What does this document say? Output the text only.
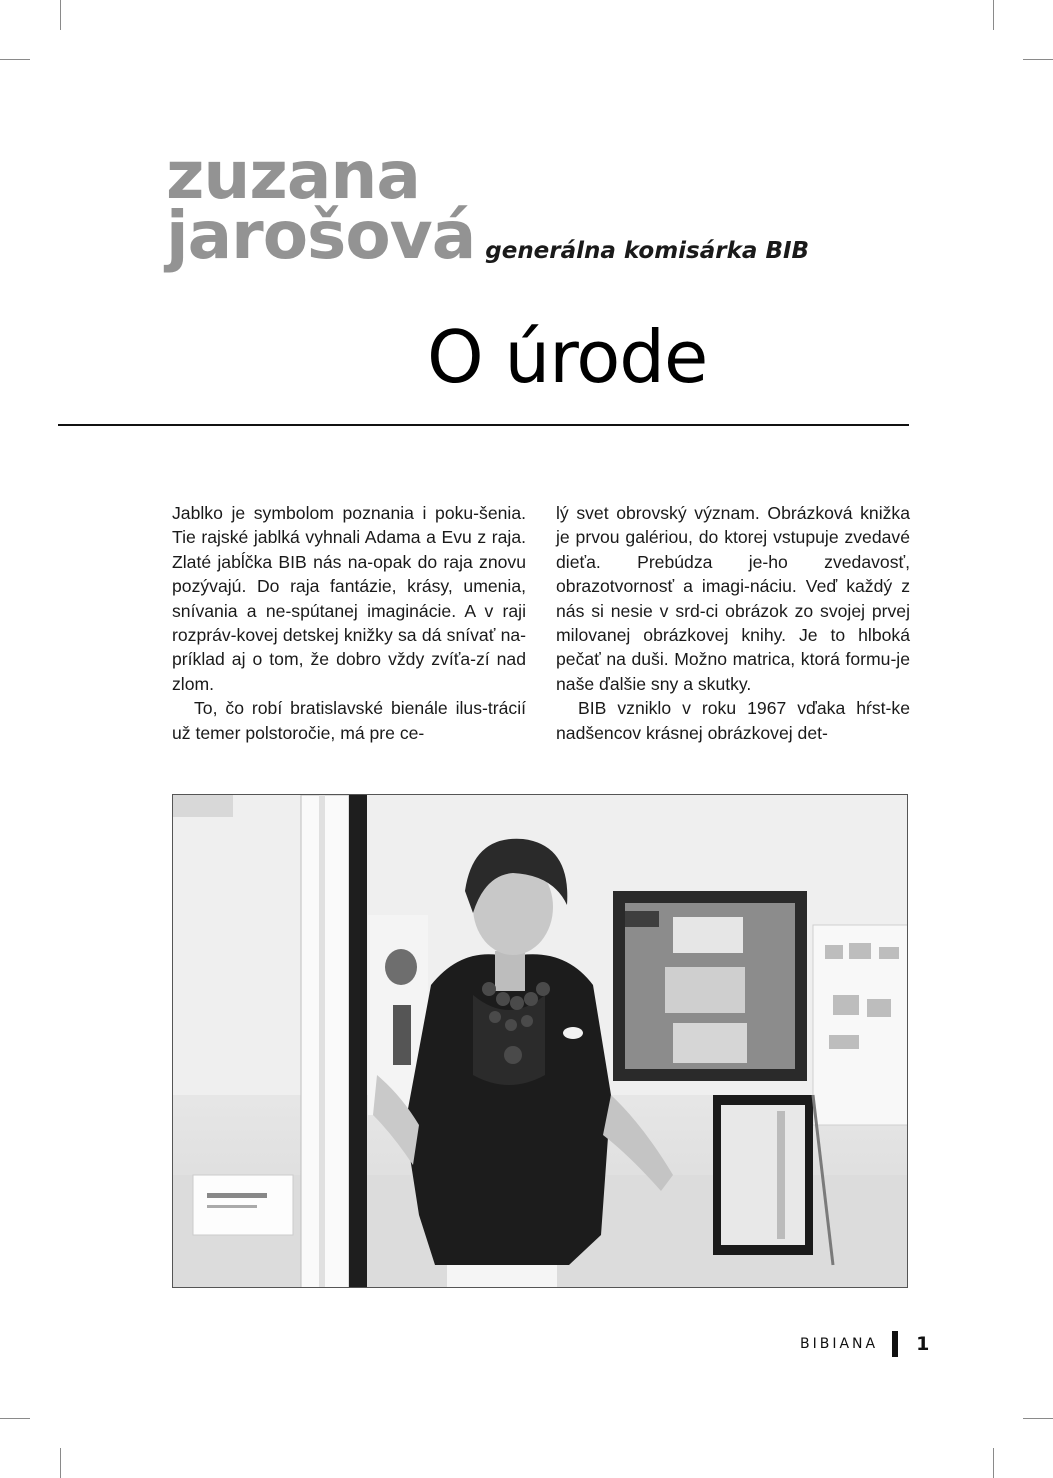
zuzana
jarošová generálna komisárka BIB
O úrode

Jablko je symbolom poznania i poku-šenia. Tie rajské jablká vyhnali Adama a Evu z raja. Zlaté jabĺčka BIB nás na-opak do raja znovu pozývajú. Do raja fantázie, krásy, umenia, snívania a ne-spútanej imaginácie. A v raji rozpráv-kovej detskej knižky sa dá snívať na-príklad aj o tom, že dobro vždy zvíťa-zí nad zlom.

To, čo robí bratislavské bienále ilus-trácií už temer polstoročie, má pre ce-

lý svet obrovský význam. Obrázková knižka je prvou galériou, do ktorej vstupuje zvedavé dieťa. Prebúdza je-ho zvedavosť, obrazotvornosť a imagi-náciu. Veď každý z nás si nesie v srd-ci obrázok zo svojej prvej milovanej obrázkovej knihy. Je to hlboká pečať na duši. Možno matrica, ktorá formu-je naše ďalšie sny a skutky.

BIB vzniklo v roku 1967 vďaka hŕst-ke nadšencov krásnej obrázkovej det-

BIBIANA 1
